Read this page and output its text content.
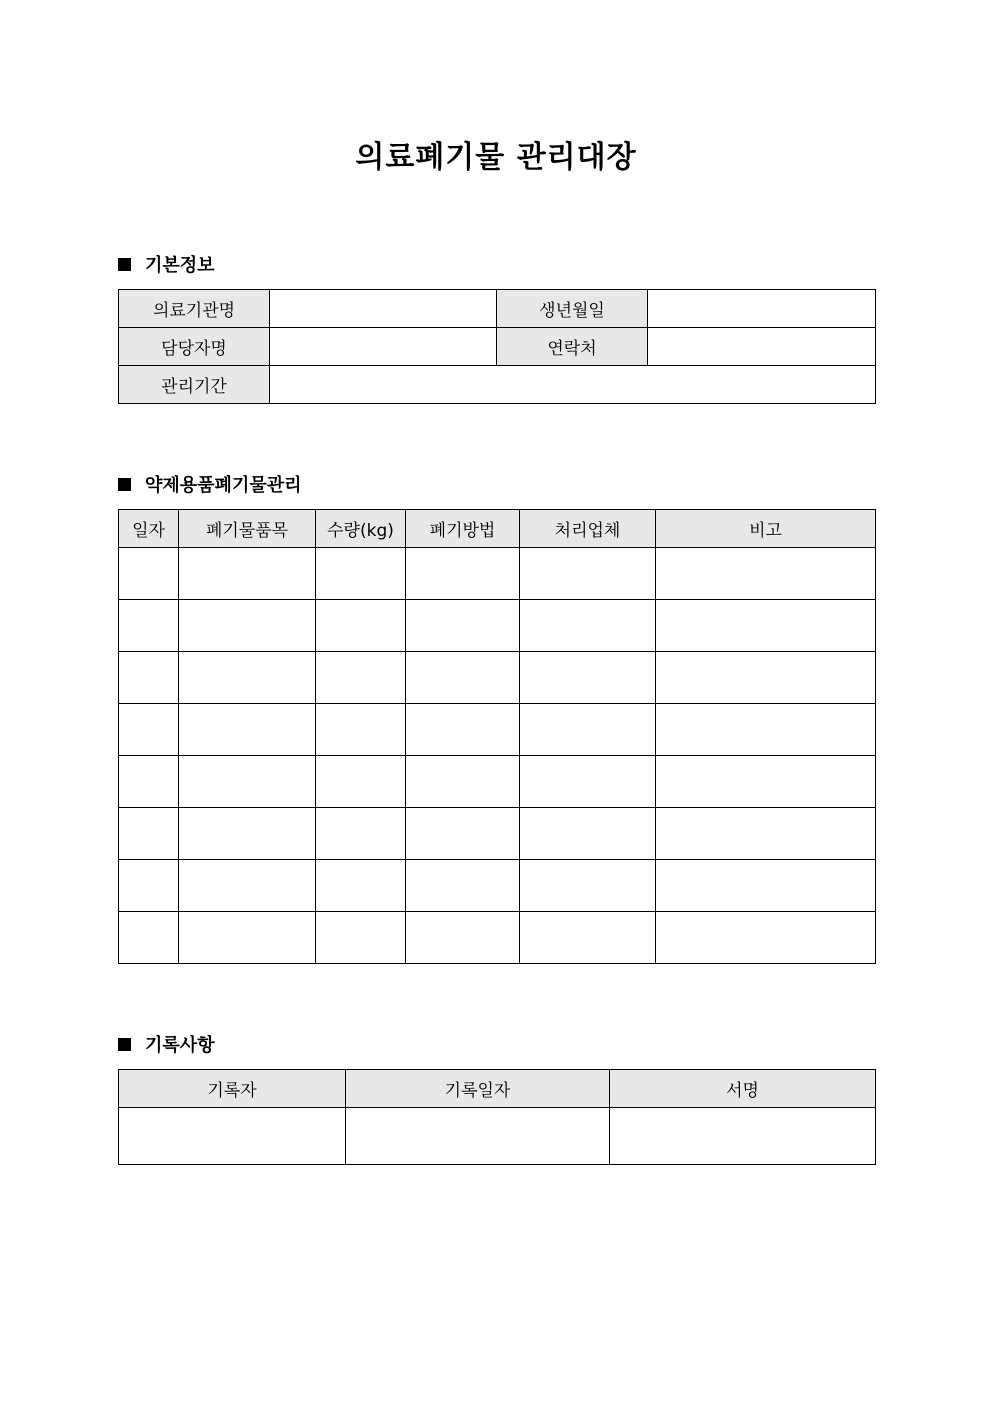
의료폐기물 관리대장
기본정보
의료기관명		생년월일	
담당자명		연락처	
관리기간			
약제용품폐기물관리
일자	폐기물품목	수량(kg)	폐기방법	처리업체	비고

기록사항
기록자	기록일자	서명
